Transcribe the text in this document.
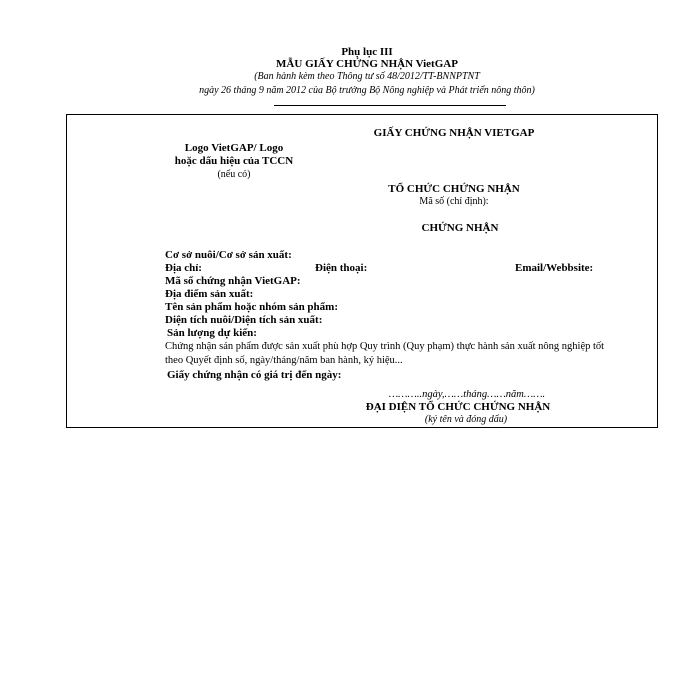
Phụ lục III
MẪU GIẤY CHỨNG NHẬN VietGAP
(Ban hành kèm theo Thông tư số 48/2012/TT-BNNPTNT
ngày 26 tháng 9 năm 2012 của Bộ trưởng Bộ Nông nghiệp và Phát triển nông thôn)
Logo VietGAP/ Logo
hoặc dấu hiệu của TCCN
(nếu có)
GIẤY CHỨNG NHẬN VIETGAP
TỔ CHỨC CHỨNG NHẬN
Mã số (chỉ định):
CHỨNG NHẬN
Cơ sở nuôi/Cơ sở sản xuất:
Địa chỉ:	Điện thoại:	Email/Webbsite:
Mã số chứng nhận VietGAP:
Địa điểm sản xuất:
Tên sản phẩm hoặc nhóm sản phẩm:
Diện tích nuôi/Diện tích sản xuất:
Sản lượng dự kiến:
Chứng nhận sản phẩm được sản xuất phù hợp Quy trình (Quy phạm) thực hành sản xuất nông nghiệp tốt
theo Quyết định số, ngày/tháng/năm ban hành, ký hiệu...
Giấy chứng nhận có giá trị đến ngày:
………..ngày,……tháng……năm…….
ĐẠI DIỆN TỔ CHỨC CHỨNG NHẬN
(ký tên và đóng dấu)
